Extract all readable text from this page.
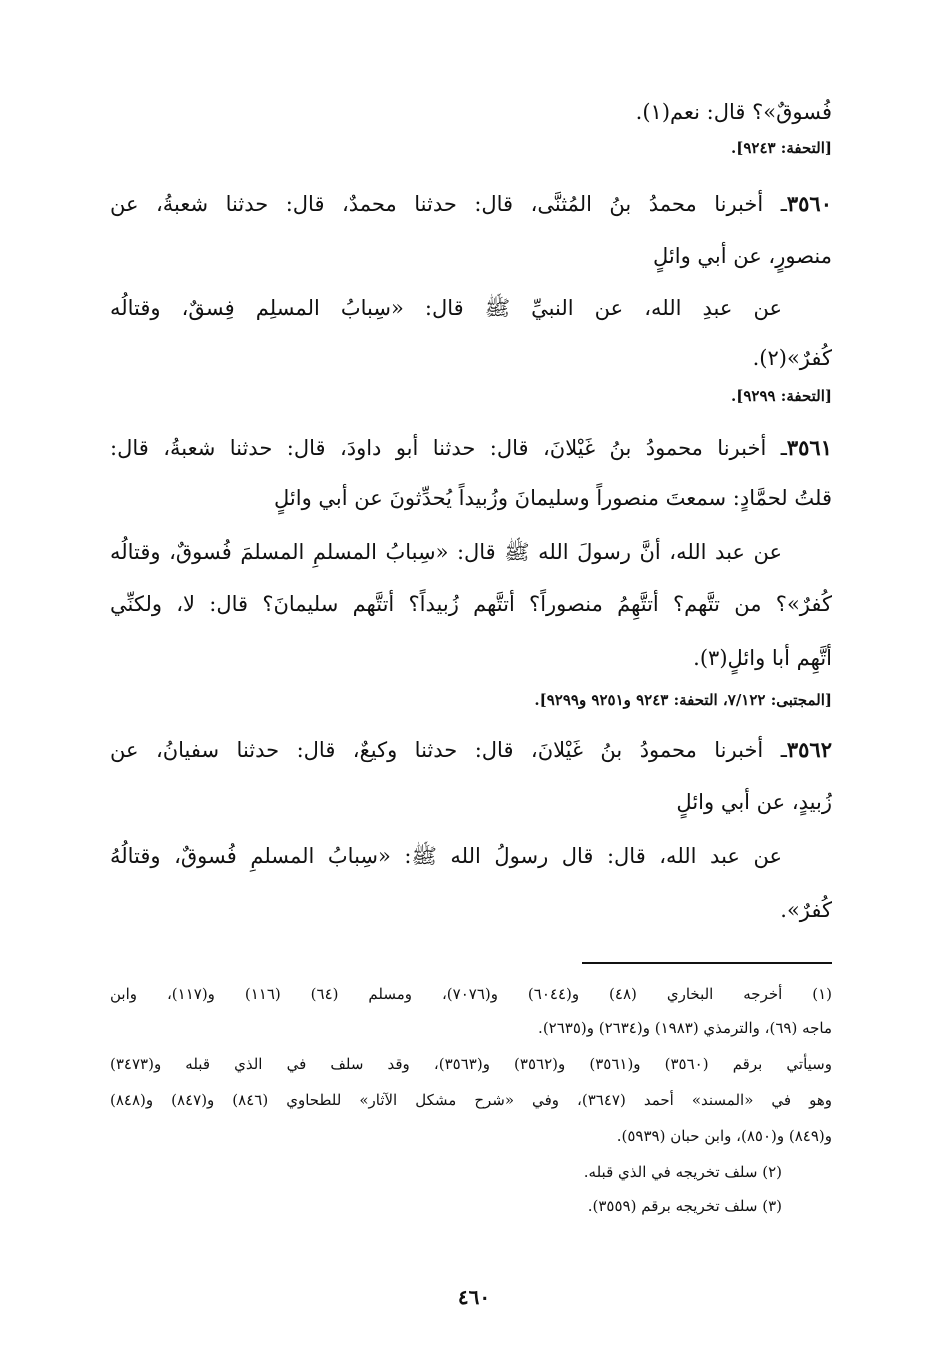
فُسوقٌ»؟ قال: نعم(١).
[التحفة: ٩٢٤٣].
٣٥٦٠ـ أخبرنا محمدُ بنُ المُثنَّى، قال: حدثنا محمدٌ، قال: حدثنا شعبةُ، عن
منصورٍ، عن أبي وائلٍ
عن عبدِ الله، عن النبيِّ ﷺ قال: «سِبابُ المسلِم فِسقٌ، وقتالُه
كُفرٌ»(٢).
[التحفة: ٩٢٩٩].
٣٥٦١ـ أخبرنا محمودُ بنُ غَيْلانَ، قال: حدثنا أبو داودَ، قال: حدثنا شعبةُ، قال:
قلتُ لحمَّادٍ: سمعتَ منصوراً وسليمانَ وزُبيداً يُحدِّثونَ عن أبي وائلٍ
عن عبد الله، أنَّ رسولَ الله ﷺ قال: «سِبابُ المسلمِ المسلمَ فُسوقٌ، وقتالُه
كُفرٌ»؟ من تتَّهم؟ أتتَّهِمُ منصوراً؟ أتتَّهم زُبيداً؟ أتتَّهم سليمانَ؟ قال: لا، ولكنِّي
أتَّهِم أبا وائلٍ(٣).
[المجتبى: ٧/١٢٢، التحفة: ٩٢٤٣ و٩٢٥١ و٩٢٩٩].
٣٥٦٢ـ أخبرنا محمودُ بنُ غَيْلانَ، قال: حدثنا وكيعٌ، قال: حدثنا سفيانُ، عن
زُبيدٍ، عن أبي وائلٍ
عن عبد الله، قال: قال رسولُ الله ﷺ: «سِبابُ المسلمِ فُسوقٌ، وقتالُهُ
كُفرٌ».
(١) أخرجه البخاري (٤٨) و(٦٠٤٤) و(٧٠٧٦)، ومسلم (٦٤) (١١٦) و(١١٧)، وابن
ماجه (٦٩)، والترمذي (١٩٨٣) و(٢٦٣٤) و(٢٦٣٥).
وسيأتي برقم (٣٥٦٠) و(٣٥٦١) و(٣٥٦٢) و(٣٥٦٣)، وقد سلف في الذي قبله و(٣٤٧٣)
وهو في «المسند» أحمد (٣٦٤٧)، وفي «شرح مشكل الآثار» للطحاوي (٨٤٦) و(٨٤٧) و(٨٤٨)
و(٨٤٩) و(٨٥٠)، وابن حبان (٥٩٣٩).
(٢) سلف تخريجه في الذي قبله.
(٣) سلف تخريجه برقم (٣٥٥٩).
٤٦٠
